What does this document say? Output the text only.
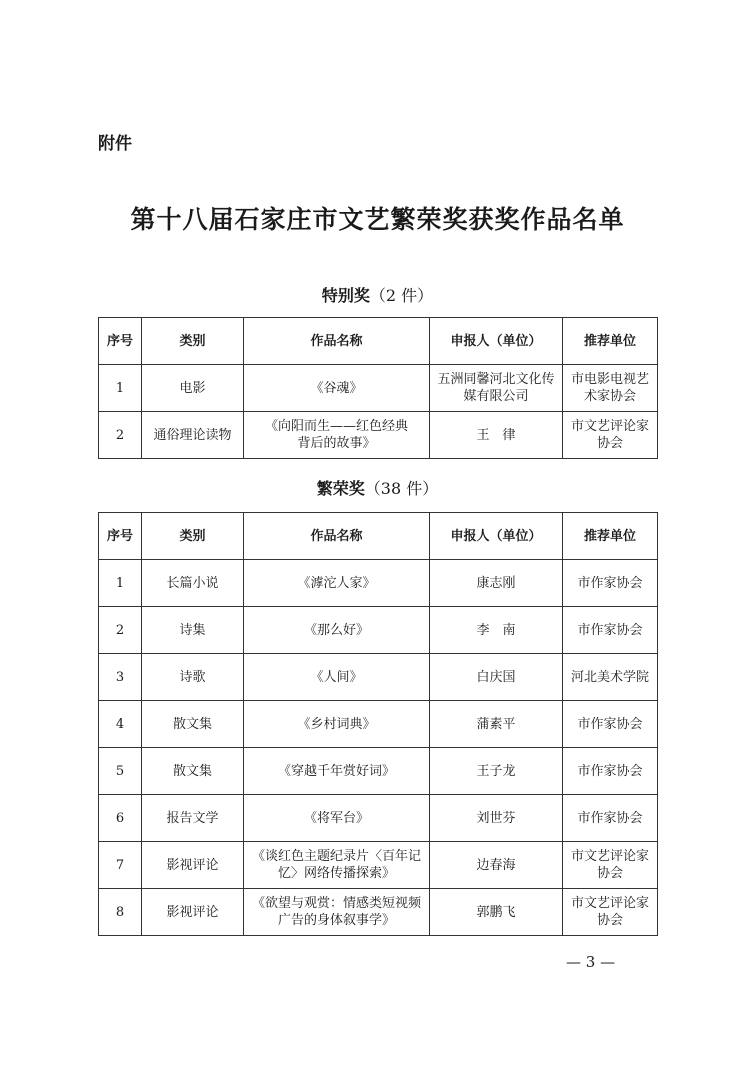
附件
第十八届石家庄市文艺繁荣奖获奖作品名单
特别奖（2 件）
序号	类别	作品名称	申报人（单位）	推荐单位
1	电影	《谷魂》	五洲同馨河北文化传媒有限公司	市电影电视艺术家协会
2	通俗理论读物	《向阳而生——红色经典背后的故事》	王　律	市文艺评论家协会
繁荣奖（38 件）
序号	类别	作品名称	申报人（单位）	推荐单位
1	长篇小说	《滹沱人家》	康志刚	市作家协会
2	诗集	《那么好》	李　南	市作家协会
3	诗歌	《人间》	白庆国	河北美术学院
4	散文集	《乡村词典》	蒲素平	市作家协会
5	散文集	《穿越千年赏好词》	王子龙	市作家协会
6	报告文学	《将军台》	刘世芬	市作家协会
7	影视评论	《谈红色主题纪录片〈百年记忆〉网络传播探索》	边春海	市文艺评论家协会
8	影视评论	《欲望与观赏：情感类短视频广告的身体叙事学》	郭鹏飞	市文艺评论家协会
— 3 —
